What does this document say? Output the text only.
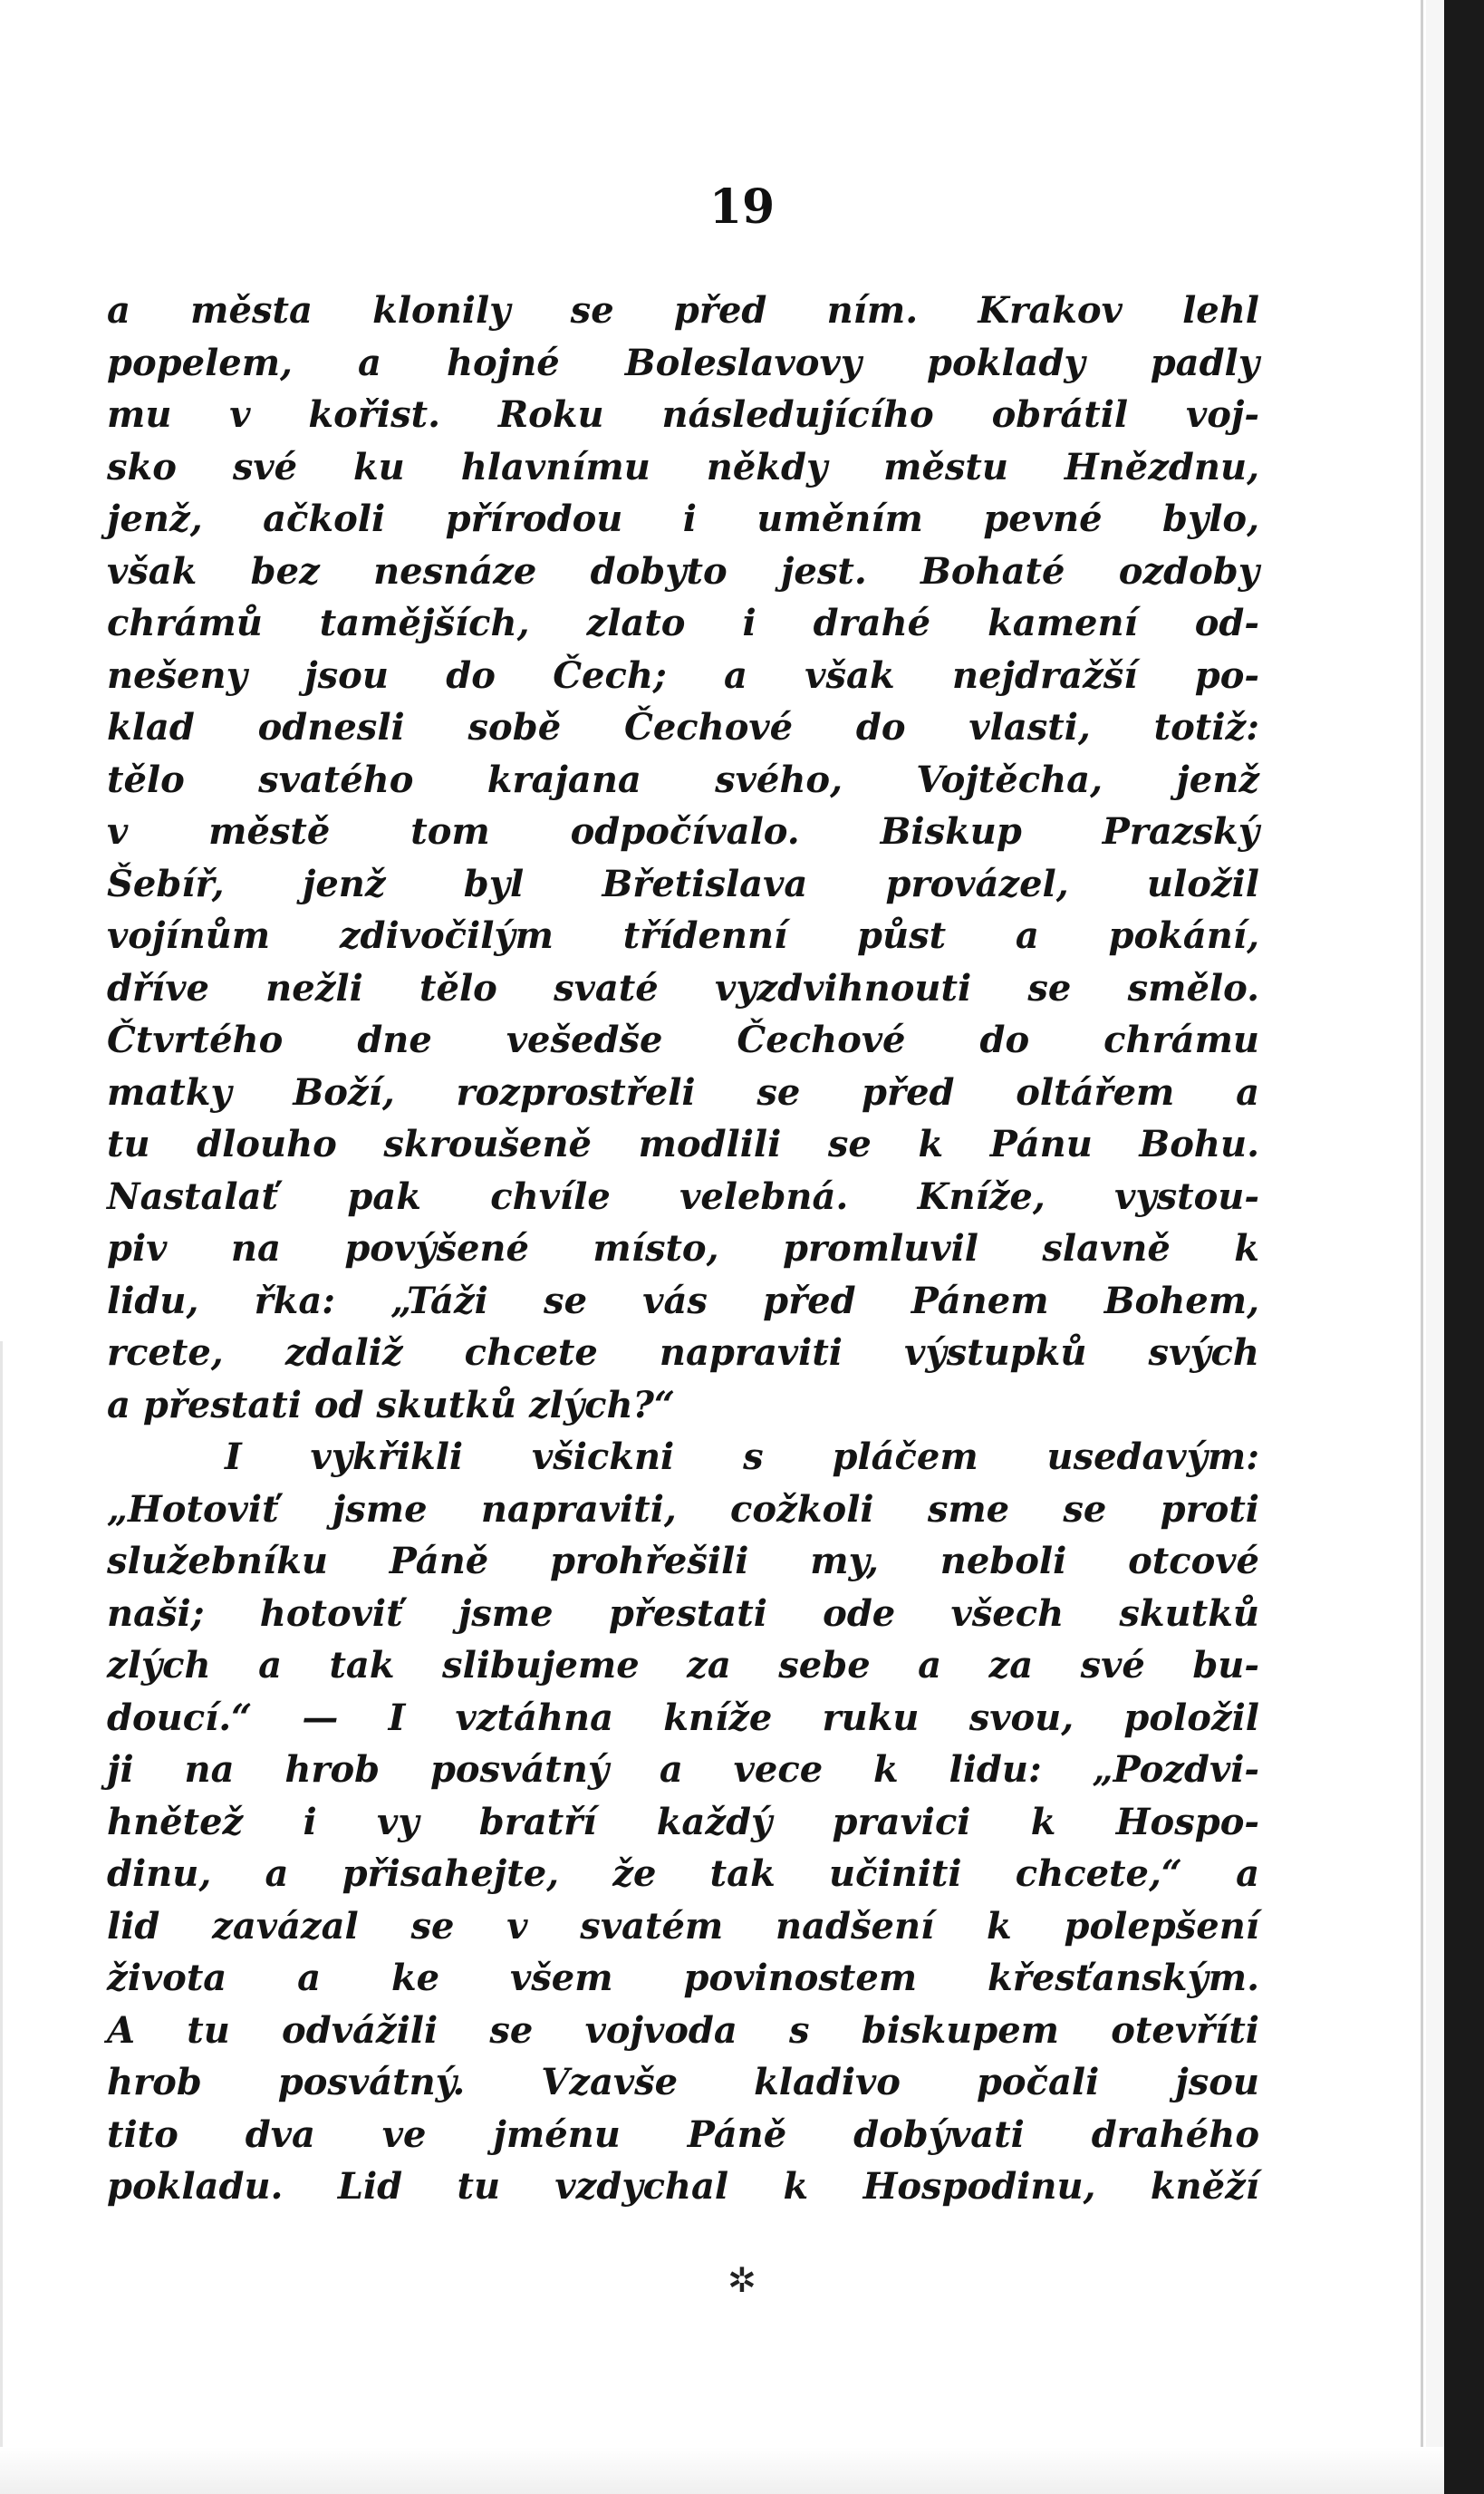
19
a města klonily se před ním. Krakov lehl
popelem, a hojné Boleslavovy poklady padly
mu v kořist. Roku následujícího obrátil voj-
sko své ku hlavnímu někdy městu Hnězdnu,
jenž, ačkoli přírodou i uměním pevné bylo,
však bez nesnáze dobyto jest. Bohaté ozdoby
chrámů tamějších, zlato i drahé kamení od-
nešeny jsou do Čech; a však nejdražší po-
klad odnesli sobě Čechové do vlasti, totiž:
tělo svatého krajana svého, Vojtěcha, jenž
v městě tom odpočívalo. Biskup Prazský
Šebíř, jenž byl Břetislava provázel, uložil
vojínům zdivočilým třídenní půst a pokání,
dříve nežli tělo svaté vyzdvihnouti se smělo.
Čtvrtého dne vešedše Čechové do chrámu
matky Boží, rozprostřeli se před oltářem a
tu dlouho skroušeně modlili se k Pánu Bohu.
Nastalať pak chvíle velebná. Kníže, vystou-
piv na povýšené místo, promluvil slavně k
lidu, řka: „Táži se vás před Pánem Bohem,
rcete, zdaliž chcete napraviti výstupků svých
a přestati od skutků zlých?“
I vykřikli všickni s pláčem usedavým:
„Hotoviť jsme napraviti, cožkoli sme se proti
služebníku Páně prohřešili my, neboli otcové
naši; hotoviť jsme přestati ode všech skutků
zlých a tak slibujeme za sebe a za své bu-
doucí.“ — I vztáhna kníže ruku svou, položil
ji na hrob posvátný a vece k lidu: „Pozdvi-
hnětež i vy bratří každý pravici k Hospo-
dinu, a přisahejte, že tak učiniti chcete,“ a
lid zavázal se v svatém nadšení k polepšení
života a ke všem povinostem křesťanským.
A tu odvážili se vojvoda s biskupem otevříti
hrob posvátný. Vzavše kladivo počali jsou
tito dva ve jménu Páně dobývati drahého
pokladu. Lid tu vzdychal k Hospodinu, kněží
✲
